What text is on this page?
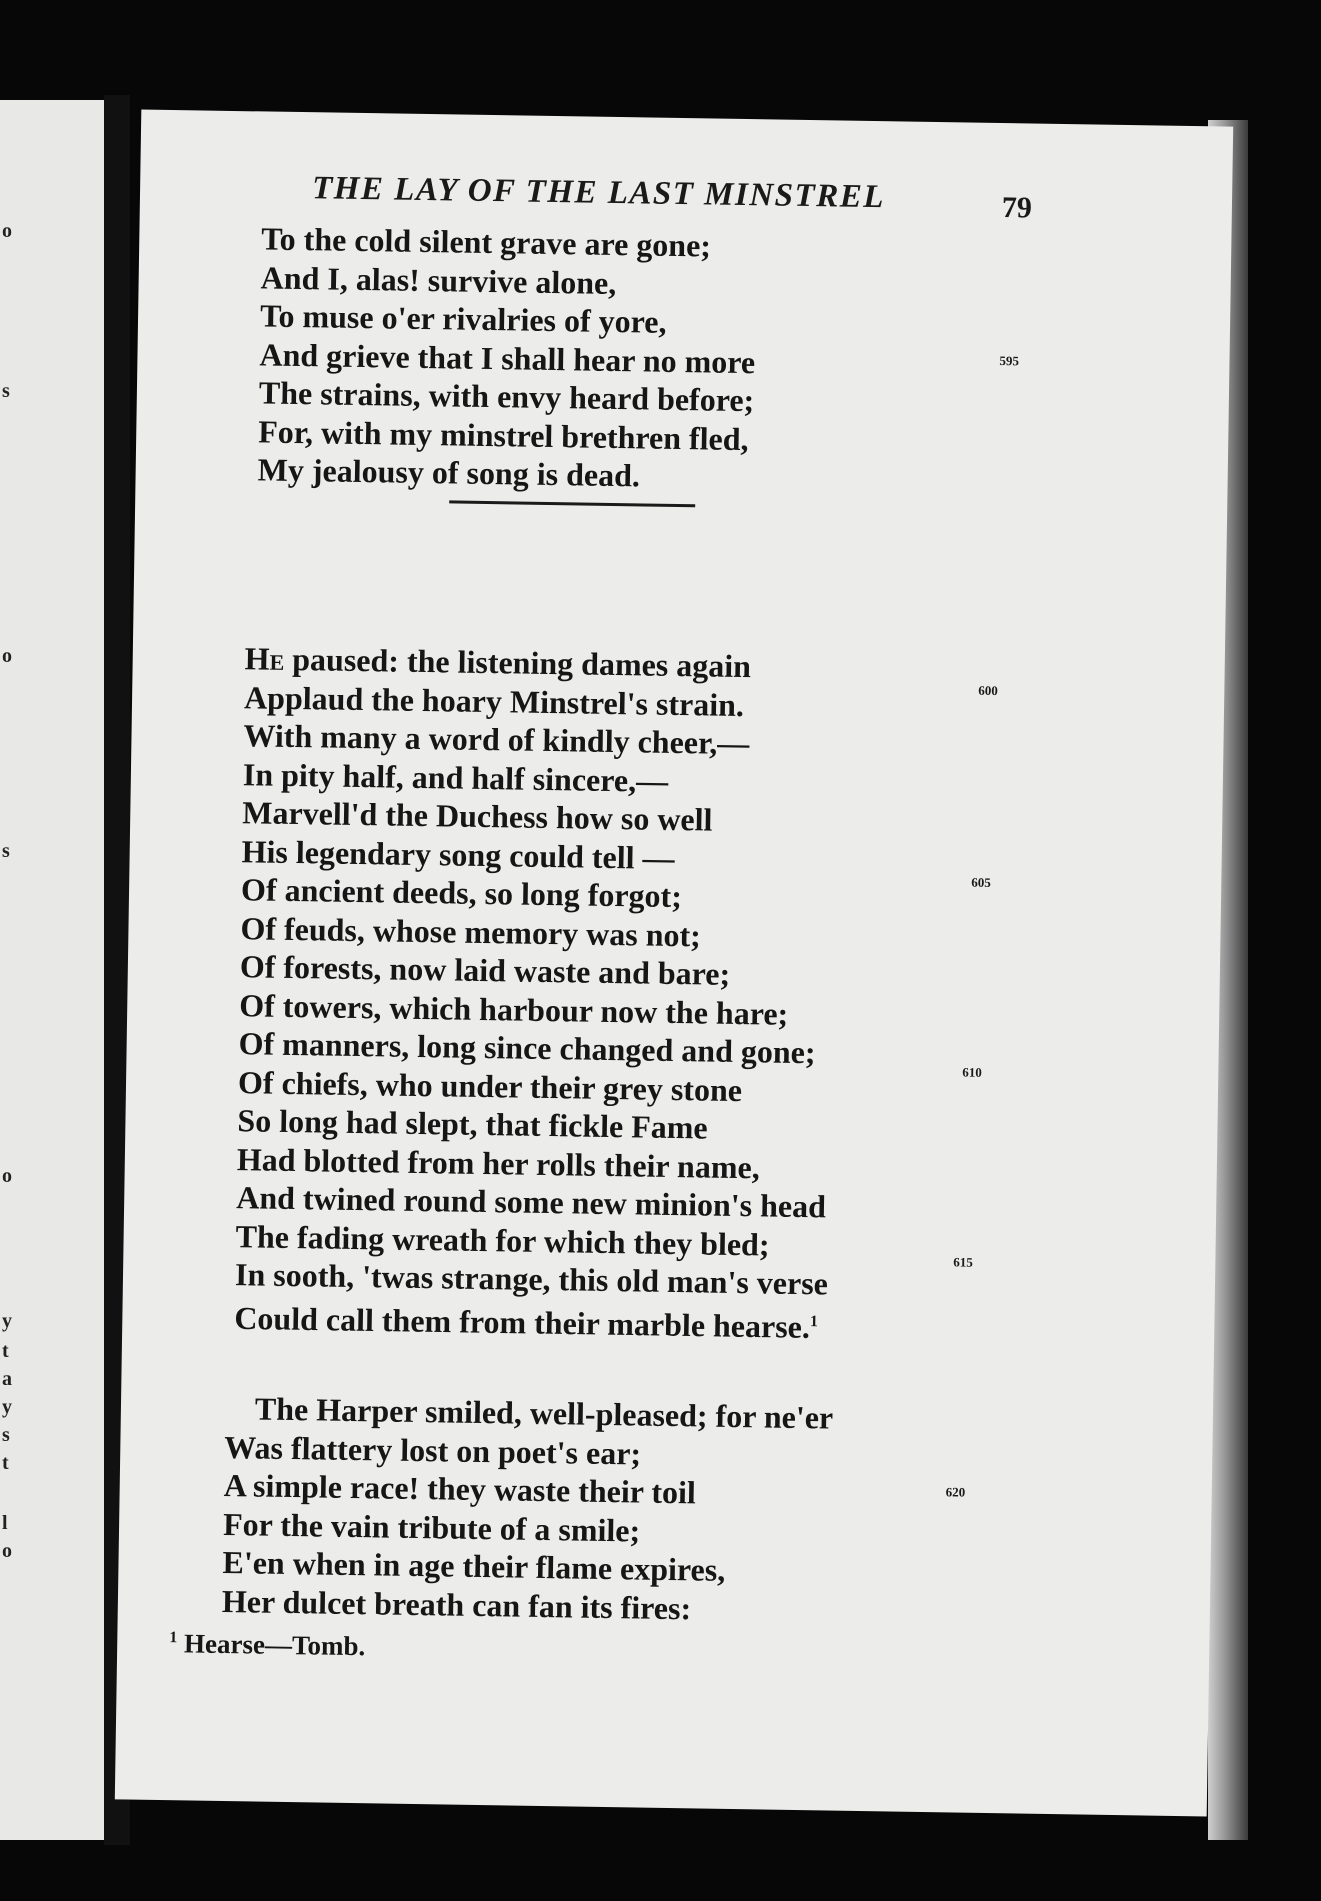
o
s
o
s
o
y
t
a
y
s
t
l
o
THE LAY OF THE LAST MINSTREL	79
To the cold silent grave are gone;
And I, alas! survive alone,
To muse o'er rivalries of yore,
And grieve that I shall hear no more
The strains, with envy heard before;
For, with my minstrel brethren fled,
My jealousy of song is dead.
He paused: the listening dames again
Applaud the hoary Minstrel's strain.
With many a word of kindly cheer,—
In pity half, and half sincere,—
Marvell'd the Duchess how so well
His legendary song could tell —
Of ancient deeds, so long forgot;
Of feuds, whose memory was not;
Of forests, now laid waste and bare;
Of towers, which harbour now the hare;
Of manners, long since changed and gone;
Of chiefs, who under their grey stone
So long had slept, that fickle Fame
Had blotted from her rolls their name,
And twined round some new minion's head
The fading wreath for which they bled;
In sooth, 'twas strange, this old man's verse
Could call them from their marble hearse.$^1$
The Harper smiled, well-pleased; for ne'er
Was flattery lost on poet's ear;
A simple race! they waste their toil
For the vain tribute of a smile;
E'en when in age their flame expires,
Her dulcet breath can fan its fires:
595
600
605
610
615
620
$^1$ Hearse—Tomb.
